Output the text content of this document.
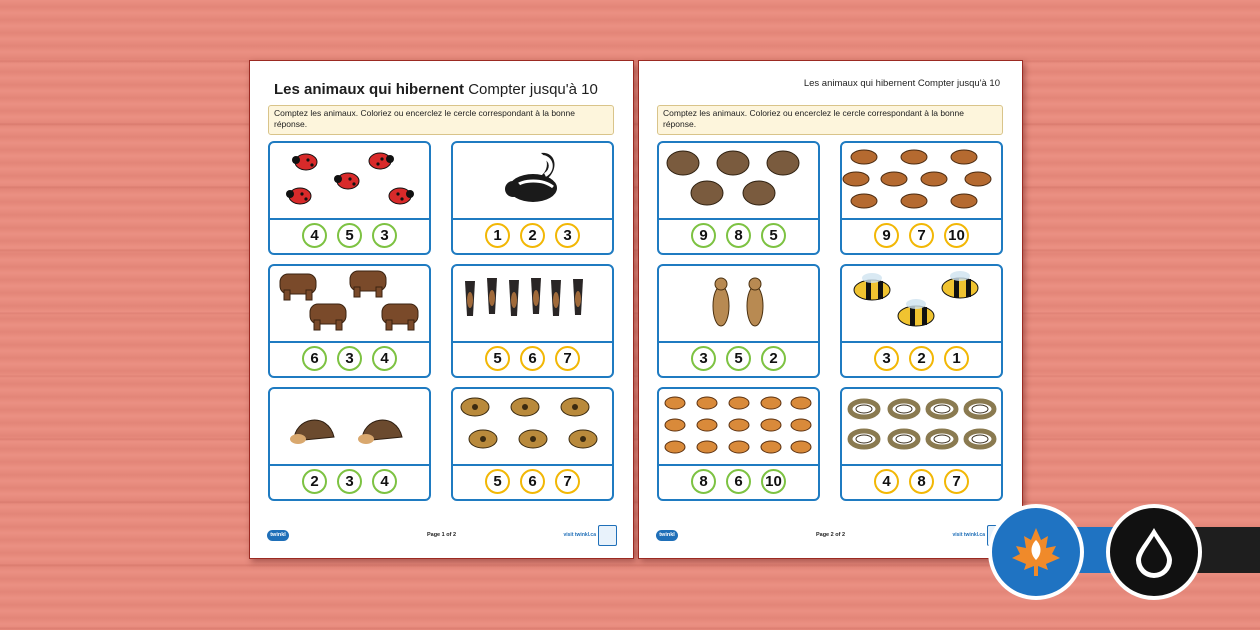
Les animaux qui hibernent Compter jusqu'à 10
Comptez les animaux. Coloriez ou encerclez le cercle correspondant à la bonne réponse.
4	5	3	1	2	3
6	3	4	5	6	7
2	3	4	5	6	7
twinkl	Page 1 of 2	visit twinkl.ca
Les animaux qui hibernent Compter jusqu'à 10
Comptez les animaux. Coloriez ou encerclez le cercle correspondant à la bonne réponse.
9	8	5	9	7	10
3	5	2	3	2	1
8	6	10	4	8	7
twinkl	Page 2 of 2	visit twinkl.ca
